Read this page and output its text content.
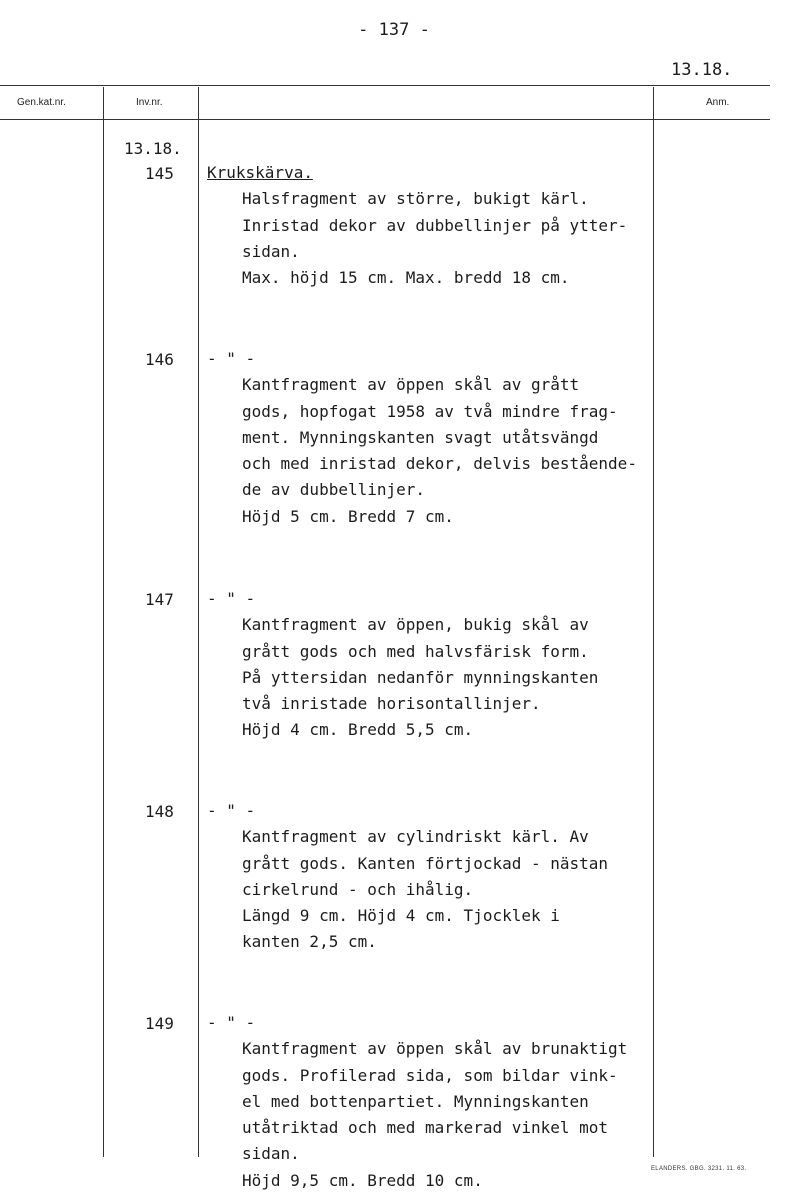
- 137 -
13.18.
Gen.kat.nr.	Inv.nr.	Anm.
13.18.
145
146
147
148
149
Krukskärva.
Halsfragment av större, bukigt kärl.
Inristad dekor av dubbellinjer på ytter-
sidan.
Max. höjd 15 cm. Max. bredd 18 cm.
- " -
Kantfragment av öppen skål av grått
gods, hopfogat 1958 av två mindre frag-
ment. Mynningskanten svagt utåtsvängd
och med inristad dekor, delvis bestående-
de av dubbellinjer.
Höjd 5 cm. Bredd 7 cm.
- " -
Kantfragment av öppen, bukig skål av
grått gods och med halvsfärisk form.
På yttersidan nedanför mynningskanten
två inristade horisontallinjer.
Höjd 4 cm. Bredd 5,5 cm.
- " -
Kantfragment av cylindriskt kärl. Av
grått gods. Kanten förtjockad - nästan
cirkelrund - och ihålig.
Längd 9 cm. Höjd 4 cm. Tjocklek i
kanten 2,5 cm.
- " -
Kantfragment av öppen skål av brunaktigt
gods. Profilerad sida, som bildar vink-
el med bottenpartiet. Mynningskanten
utåtriktad och med markerad vinkel mot
sidan.
Höjd 9,5 cm. Bredd 10 cm.
ELANDERS. GBG. 3231. 11. 63.
